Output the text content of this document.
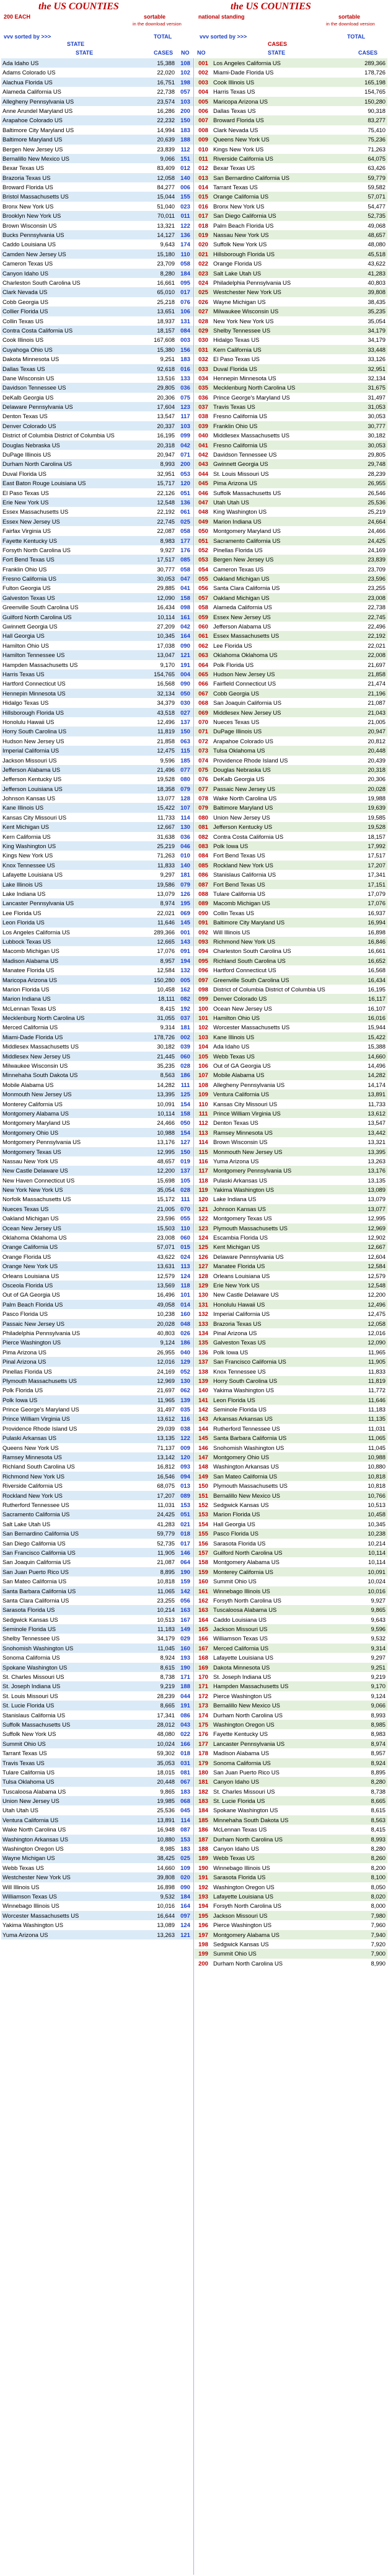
the US COUNTIES	the US COUNTIES
200 EACH	sortable
in the download version
national standing	sortable
in the download version
vvv sorted by >>>
STATE
TOTAL	vvv sorted by >>>
CASES
TOTAL
STATE	CASES NO NO	STATE	CASES
Ada Idaho US	15,388 108
Adams Colorado US	22,020 102
Alachua Florida US	16,751 198
Alameda California US	22,738 057
Allegheny Pennsylvania US	23,574 103
Anne Arundel Maryland US	16,286 200
Arapahoe Colorado US	22,232 150
Baltimore City Maryland US	14,994 183
Baltimore Maryland US	20,639 188
Bergen New Jersey US	23,839	112
Bernalillo New Mexico US	9,066 151
Bexar Texas US	83,409 012
Brazoria Texas US	12,058 140
Broward Florida US	84,277 006
Bristol Massachusetts US	15,044 155
Bronx New York US	51,040 023
Brooklyn New York US	70,011	011
Brown Wisconsin US	13,321 122
Bucks Pennsylvania US	14,127 136
Caddo Louisiana US	9,643 174
Camden New Jersey US	15,180	110
Cameron Texas US	23,709 058
Canyon Idaho US	8,280 184
Charleston South Carolina US	16,661 095
Clark Nevada US	65,010 017
Cobb Georgia US	25,218 076
Collier Florida US	13,651 106
Collin Texas US	18,937 131
Contra Costa California US	18,157 084
Cook Illinois US	167,608 003
Cuyahoga Ohio US	15,380 156
Dakota Minnesota US	9,251 183
Dallas Texas US	92,618 016
Dane Wisconsin US	13,516 133
Davidson Tennessee US	29,805 036
DeKalb Georgia US	20,306 075
Delaware Pennsylvania US	17,604 123
Denton Texas US	13,547	117
Denver Colorado US	20,337 103
District of Columbia District of Columbia US	16,195 099
Douglas Nebraska US	20,318 042
DuPage Illinois US	20,947 071
Durham North Carolina US	8,993 200
Duval Florida US	32,951 053
East Baton Rouge Louisiana US	15,717 120
El Paso Texas US	22,126 051
Erie New York US	12,548 136
Essex Massachusetts US	22,192 061
Essex New Jersey US	22,745 025
Fairfax Virginia US	22,087 058
Fayette Kentucky US	8,983 177
Forsyth North Carolina US	9,927 176
Fort Bend Texas US	17,517 085
Franklin Ohio US	30,777 058
Fresno California US	30,053 047
Fulton Georgia US	29,885 041
Galveston Texas US	12,090 158
Greenville South Carolina US	16,434 098
Guilford North Carolina US	10,114 161
Gwinnett Georgia US	27,209 042
Hall Georgia US	10,345 164
Hamilton Ohio US	17,038 090
Hamilton Tennessee US	13,047 121
Hampden Massachusetts US	9,170 191
Harris Texas US	154,765 004
Hartford Connecticut US	16,568 090
Hennepin Minnesota US	32,134 050
Hidalgo Texas US	34,379 030
Hillsborough Florida US	43,518 027
Honolulu Hawaii US	12,496 137
Horry South Carolina US	11,819 150
Hudson New Jersey US	21,858 063
Imperial California US	12,475	115
Jackson Missouri US	9,596 185
Jefferson Alabama US	21,496 077
Jefferson Kentucky US	19,528 080
Jefferson Louisiana US	18,358 079
Johnson Kansas US	13,077 128
Kane Illinois US	15,422 107
Kansas City Missouri US	11,733	114
Kent Michigan US	12,667 130
Kern California US	31,638 036
King Washington US	25,219 046
Kings New York US	71,263 010
Knox Tennessee US	11,833 140
Lafayette Louisiana US	9,297 181
Lake Illinois US	19,586 079
Lake Indiana US	13,079 126
Lancaster Pennsylvania US	8,974 195
Lee Florida US	22,021 069
Leon Florida US	11,646 145
Los Angeles California US	289,366 001
Lubbock Texas US	12,665 143
Macomb Michigan US	17,076 091
Madison Alabama US	8,957 194
Manatee Florida US	12,584 132
Maricopa Arizona US	150,280 005
Marion Florida US	10,458 162
Marion Indiana US	18,111 082
McLennan Texas US	8,415 192
Mecklenburg North Carolina US	31,055 037
Merced California US	9,314 181
Miami-Dade Florida US	178,726 002
Middlesex Massachusetts US	30,182 039
Middlesex New Jersey US	21,445 060
Milwaukee Wisconsin US	35,235 028
Minnehaha South Dakota US	8,563 186
Mobile Alabama US	14,282	111
Monmouth New Jersey US	13,395 125
Monterey California US	10,091 154
Montgomery Alabama US	10,114 158
Montgomery Maryland US	24,466 050
Montgomery Ohio US	10,988 154
Montgomery Pennsylvania US	13,176 127
Montgomery Texas US	12,995 150
Nassau New York US	48,657 019
New Castle Delaware US	12,200 137
New Haven Connecticut US	15,698 105
New York New York US	35,054 028
Norfolk Massachusetts US	15,172	111
Nueces Texas US	21,005 070
Oakland Michigan US	23,596 055
Ocean New Jersey US	15,503	110
Oklahoma Oklahoma US	23,008 060
Orange California US	57,071 015
Orange Florida US	43,622 024
Orange New York US	13,631	113
Orleans Louisiana US	12,579 124
Osceola Florida US	13,569	118
Out of GA Georgia US	16,496 101
Palm Beach Florida US	49,058 014
Pasco Florida US	10,238 160
Passaic New Jersey US	20,028 048
Philadelphia Pennsylvania US	40,803 026
Pierce Washington US	9,124 186
Pima Arizona US	26,955 040
Pinal Arizona US	12,016 129
Pinellas Florida US	24,169 052
Plymouth Massachusetts US	12,969 130
Polk Florida US	21,697 062
Polk Iowa US	11,965 139
Prince George's Maryland US	31,497 035
Prince William Virginia US	13,612	116
Providence Rhode Island US	29,039 038
Pulaski Arkansas US	13,135 122
Queens New York US	71,137 009
Ramsey Minnesota US	13,142 120
Richland South Carolina US	16,812 093
Richmond New York US	16,546 094
Riverside California US	68,075 013
Rockland New York US	17,207 089
Rutherford Tennessee US	11,031 153
Sacramento California US	24,425 051
Salt Lake Utah US	41,283 021
San Bernardino California US	59,779 018
San Diego California US	52,735 017
San Francisco California US	11,905 146
San Joaquin California US	21,087 064
San Juan Puerto Rico US	8,895 190
San Mateo California US	10,818 159
Santa Barbara California US	11,065 142
Santa Clara California US	23,255 056
Sarasota Florida US	10,214 163
Sedgwick Kansas US	10,513 167
Seminole Florida US	11,183 149
Shelby Tennessee US	34,179 029
Snohomish Washington US	11,045 160
Sonoma California US	8,924 193
Spokane Washington US	8,615 190
St. Charles Missouri US	8,738 171
St. Joseph Indiana US	9,219 188
St. Louis Missouri US	28,239 044
St. Lucie Florida US	8,665 191
Stanislaus California US	17,341 086
Suffolk Massachusetts US	28,012 043
Suffolk New York US	48,080 022
Summit Ohio US	10,024 166
Tarrant Texas US	59,302 018
Travis Texas US	35,053 031
Tulare California US	18,015 081
Tulsa Oklahoma US	20,448 067
Tuscaloosa Alabama US	9,865 183
Union New Jersey US	19,985 068
Utah Utah US	25,536 045
Ventura California US	13,891	114
Wake North Carolina US	16,948 087
Washington Arkansas US	10,880 153
Washington Oregon US	8,985 183
Wayne Michigan US	38,425 025
Webb Texas US	14,660 109
Westchester New York US	39,808 020
Will Illinois US	16,898 090
Williamson Texas US	9,532 184
Winnebago Illinois US	10,016 164
Worcester Massachusetts US	16,644 097
Yakima Washington US	13,089 124
Yuma Arizona US	13,263 121
001 Los Angeles California US	289,366
002 Miami-Dade Florida US	178,726
003 Cook Illinois US	165,198
004 Harris Texas US	154,765
005 Maricopa Arizona US	150,280
006 Dallas Texas US	90,318
007 Broward Florida US	83,277
008 Clark Nevada US	75,410
009 Queens New York US	75,236
010 Kings New York US	71,263
011 Riverside California US	64,075
012 Bexar Texas US	63,426
013 San Bernardino California US	59,779
014 Tarrant Texas US	59,582
015 Orange California US	57,071
016 Bronx New York US	54,477
017 San Diego California US	52,735
018 Palm Beach Florida US	49,068
019 Nassau New York US	48,657
020 Suffolk New York US	48,080
021 Hillsborough Florida US	45,518
022 Orange Florida US	43,622
023 Salt Lake Utah US	41,283
024 Philadelphia Pennsylvania US	40,803
025 Westchester New York US	39,808
026 Wayne Michigan US	38,435
027 Milwaukee Wisconsin US	35,235
028 New York New York US	35,054
029 Shelby Tennessee US	34,179
030 Hidalgo Texas US	34,179
031 Kern California US	33,448
032 El Paso Texas US	33,126
033 Duval Florida US	32,951
034 Hennepin Minnesota US	32,134
035 Mecklenburg North Carolina US	31,675
036 Prince George's Maryland US	31,497
037 Travis Texas US	31,053
038 Fresno California US	30,053
039 Franklin Ohio US	30,777
040 Middlesex Massachusetts US	30,182
041 Fresno California US	30,053
042 Davidson Tennessee US	29,805
043 Gwinnett Georgia US	29,748
044 St. Louis Missouri US	28,239
045 Pima Arizona US	26,955
046 Suffolk Massachusetts US	26,546
047 Utah Utah US	25,536
048 King Washington US	25,219
049 Marion Indiana US	24,664
050 Montgomery Maryland US	24,466
051 Sacramento California US	24,425
052 Pinellas Florida US	24,169
053 Bergen New Jersey US	23,839
054 Cameron Texas US	23,709
055 Oakland Michigan US	23,596
056 Santa Clara California US	23,255
057 Oakland Michigan US	23,008
058 Alameda California US	22,738
059 Essex New Jersey US	22,745
060 Jefferson Alabama US	22,496
061 Essex Massachusetts US	22,192
062 Lee Florida US	22,021
063 Oklahoma Oklahoma US	22,008
064 Polk Florida US	21,697
065 Hudson New Jersey US	21,858
066 Fairfield Connecticut US	21,474
067 Cobb Georgia US	21,196
068 San Joaquin California US	21,087
069 Middlesex New Jersey US	21,043
070 Nueces Texas US	21,005
071 DuPage Illinois US	20,947
072 Arapahoe Colorado US	20,812
073 Tulsa Oklahoma US	20,448
074 Providence Rhode Island US	20,439
075 Douglas Nebraska US	20,318
076 DeKalb Georgia US	20,306
077 Passaic New Jersey US	20,028
078 Wake North Carolina US	19,988
079 Baltimore Maryland US	19,639
080 Union New Jersey US	19,585
081 Jefferson Kentucky US	19,528
082 Contra Costa California US	18,157
083 Polk Iowa US	17,992
084 Fort Bend Texas US	17,517
085 Rockland New York US	17,207
086 Stanislaus California US	17,341
087 Fort Bend Texas US	17,151
088 Tulare California US	17,079
089 Macomb Michigan US	17,076
090 Collin Texas US	16,937
091 Baltimore City Maryland US	16,994
092 Will Illinois US	16,898
093 Richmond New York US	16,846
094 Charleston South Carolina US	16,661
095 Richland South Carolina US	16,652
096 Hartford Connecticut US	16,568
097 Greenville South Carolina US	16,434
098 District of Columbia District of Columbia US	16,195
099 Denver Colorado US	16,117
100 Ocean New Jersey US	16,107
101 Hamilton Ohio US	16,016
102 Worcester Massachusetts US	15,944
103 Kane Illinois US	15,422
104 Ada Idaho US	15,388
105 Webb Texas US	14,660
106 Out of GA Georgia US	14,496
107 Mobile Alabama US	14,282
108 Allegheny Pennsylvania US	14,174
109 Ventura California US	13,891
110 Kansas City Missouri US	11,733
111 Prince William Virginia US	13,612
112 Denton Texas US	13,547
113 Ramsey Minnesota US	13,442
114 Brown Wisconsin US	13,321
115 Monmouth New Jersey US	13,395
116 Yuma Arizona US	13,263
117 Montgomery Pennsylvania US	13,176
118 Pulaski Arkansas US	13,135
119 Yakima Washington US	13,089
120 Lake Indiana US	13,079
121 Johnson Kansas US	13,077
122 Montgomery Texas US	12,995
123 Plymouth Massachusetts US	12,969
124 Escambia Florida US	12,902
125 Kent Michigan US	12,667
126 Delaware Pennsylvania US	12,604
127 Manatee Florida US	12,584
128 Orleans Louisiana US	12,579
129 Erie New York US	12,548
130 New Castle Delaware US	12,200
131 Honolulu Hawaii US	12,496
132 Imperial California US	12,475
133 Brazoria Texas US	12,058
134 Pinal Arizona US	12,016
135 Galveston Texas US	12,090
136 Polk Iowa US	11,965
137 San Francisco California US	11,905
138 Knox Tennessee US	11,833
139 Horry South Carolina US	11,819
140 Yakima Washington US	11,772
141 Leon Florida US	11,646
142 Seminole Florida US	11,183
143 Arkansas Arkansas US	11,135
144 Rutherford Tennessee US	11,031
145 Santa Barbara California US	11,065
146 Snohomish Washington US	11,045
147 Montgomery Ohio US	10,988
148 Washington Arkansas US	10,880
149 San Mateo California US	10,818
150 Plymouth Massachusetts US	10,818
151 Bernalillo New Mexico US	10,766
152 Sedgwick Kansas US	10,513
153 Marion Florida US	10,458
154 Hall Georgia US	10,345
155 Pasco Florida US	10,238
156 Sarasota Florida US	10,214
157 Guilford North Carolina US	10,114
158 Montgomery Alabama US	10,114
159 Monterey California US	10,091
160 Summit Ohio US	10,024
161 Winnebago Illinois US	10,016
162 Forsyth North Carolina US	9,927
163 Tuscaloosa Alabama US	9,865
164 Caddo Louisiana US	9,643
165 Jackson Missouri US	9,596
166 Williamson Texas US	9,532
167 Merced California US	9,314
168 Lafayette Louisiana US	9,297
169 Dakota Minnesota US	9,251
170 St. Joseph Indiana US	9,219
171 Hampden Massachusetts US	9,170
172 Pierce Washington US	9,124
173 Bernalillo New Mexico US	9,066
174 Durham North Carolina US	8,993
175 Washington Oregon US	8,985
176 Fayette Kentucky US	8,983
177 Lancaster Pennsylvania US	8,974
178 Madison Alabama US	8,957
179 Sonoma California US	8,924
180 San Juan Puerto Rico US	8,895
181 Canyon Idaho US	8,280
182 St. Charles Missouri US	8,738
183 St. Lucie Florida US	8,665
184 Spokane Washington US	8,615
185 Minnehaha South Dakota US	8,563
186 McLennan Texas US	8,415
187 Durham North Carolina US	8,993
188 Canyon Idaho US	8,280
189 Webb Texas US	8,260
190 Winnebago Illinois US	8,200
191 Sarasota Florida US	8,100
192 Washington Oregon US	8,050
193 Lafayette Louisiana US	8,020
194 Forsyth North Carolina US	8,000
195 Jackson Missouri US	7,980
196 Pierce Washington US	7,960
197 Montgomery Alabama US	7,940
198 Sedgwick Kansas US	7,920
199 Summit Ohio US	7,900
200 Durham North Carolina US	8,990
